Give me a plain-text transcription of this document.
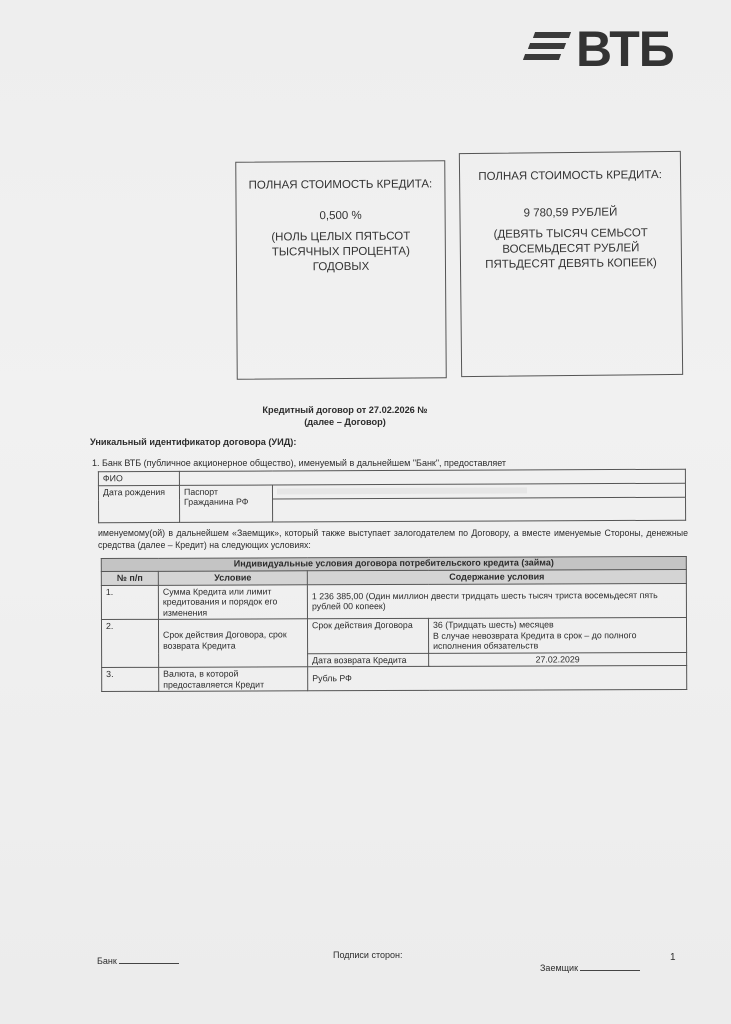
ВТБ
ПОЛНАЯ СТОИМОСТЬ КРЕДИТА:
0,500 %
(НОЛЬ ЦЕЛЫХ ПЯТЬСОТ ТЫСЯЧНЫХ ПРОЦЕНТА) ГОДОВЫХ
ПОЛНАЯ СТОИМОСТЬ КРЕДИТА:
9 780,59 РУБЛЕЙ
(ДЕВЯТЬ ТЫСЯЧ СЕМЬСОТ ВОСЕМЬДЕСЯТ РУБЛЕЙ ПЯТЬДЕСЯТ ДЕВЯТЬ КОПЕЕК)
Кредитный договор от 27.02.2026 №
(далее – Договор)
Уникальный идентификатор договора (УИД):
1. Банк ВТБ (публичное акционерное общество), именуемый в дальнейшем "Банк", предоставляет
ФИО		
Дата рождения	Паспорт Гражданина РФ	

именуемому(ой) в дальнейшем «Заемщик», который также выступает залогодателем по Договору, а вместе именуемые Стороны, денежные средства (далее – Кредит) на следующих условиях:
Индивидуальные условия договора потребительского кредита (займа)			
№ п/п	Условие	Содержание условия	
1.	Сумма Кредита или лимит кредитования и порядок его изменения	1 236 385,00 (Один миллион двести тридцать шесть тысяч триста восемьдесят пять рублей 00 копеек)	
2.	Срок действия Договора, срок возврата Кредита	Срок действия Договора	36 (Тридцать шесть) месяцев
В случае невозврата Кредита в срок – до полного исполнения обязательств

		Дата возврата Кредита	27.02.2029
3.	Валюта, в которой предоставляется Кредит	Рубль РФ	
Подписи сторон:
Банк
Заемщик
1
